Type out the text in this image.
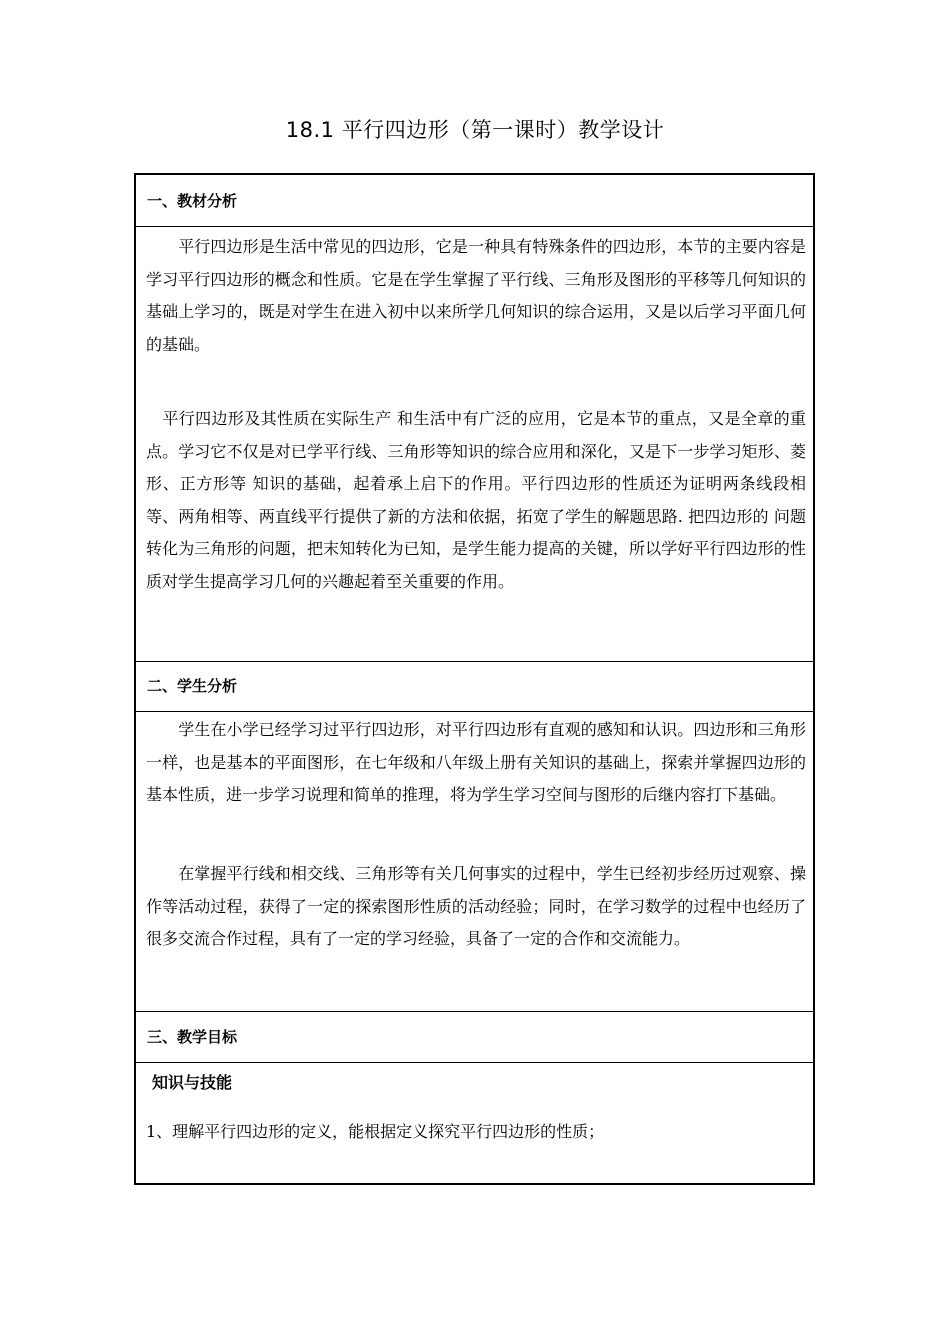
18.1 平行四边形（第一课时）教学设计
一、教材分析

　　平行四边形是生活中常见的四边形，它是一种具有特殊条件的四边形，本节的主要内容是学习平行四边形的概念和性质。它是在学生掌握了平行线、三角形及图形的平移等几何知识的基础上学习的，既是对学生在进入初中以来所学几何知识的综合运用，又是以后学习平面几何的基础。

　平行四边形及其性质在实际生产 和生活中有广泛的应用，它是本节的重点，又是全章的重点。学习它不仅是对已学平行线、三角形等知识的综合应用和深化，又是下一步学习矩形、菱形、正方形等 知识的基础，起着承上启下的作用。平行四边形的性质还为证明两条线段相等、两角相等、两直线平行提供了新的方法和依据，拓宽了学生的解题思路. 把四边形的 问题转化为三角形的问题，把末知转化为已知，是学生能力提高的关键，所以学好平行四边形的性质对学生提高学习几何的兴趣起着至关重要的作用。

二、学生分析

　　学生在小学已经学习过平行四边形，对平行四边形有直观的感知和认识。四边形和三角形一样，也是基本的平面图形，在七年级和八年级上册有关知识的基础上，探索并掌握四边形的基本性质，进一步学习说理和简单的推理，将为学生学习空间与图形的后继内容打下基础。

　　在掌握平行线和相交线、三角形等有关几何事实的过程中，学生已经初步经历过观察、操作等活动过程，获得了一定的探索图形性质的活动经验；同时，在学习数学的过程中也经历了很多交流合作过程，具有了一定的学习经验，具备了一定的合作和交流能力。

三、教学目标
知识与技能

1、理解平行四边形的定义，能根据定义探究平行四边形的性质；
